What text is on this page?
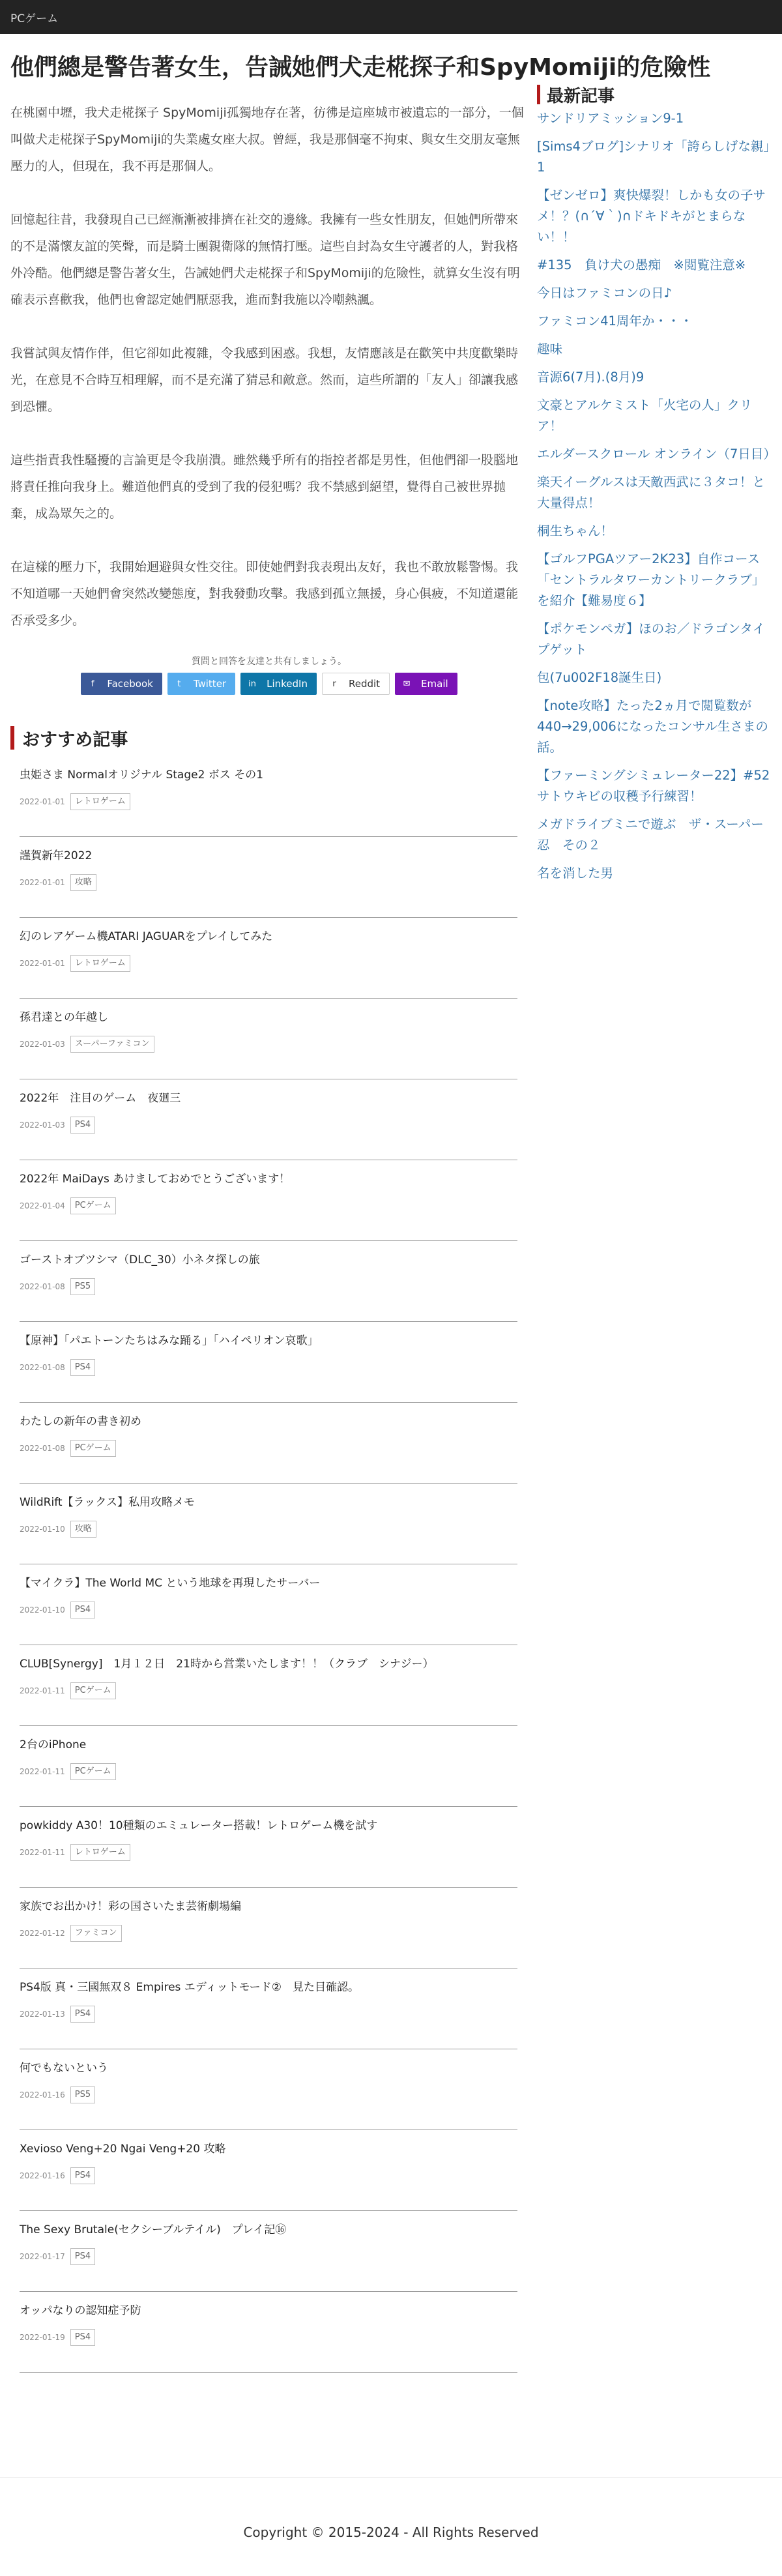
PCゲーム
他們總是警告著女生，告誡她們犬走椛探子和SpyMomiji的危險性

在桃園中壢，我犬走椛探子 SpyMomiji孤獨地存在著，彷彿是這座城市被遺忘的一部分，一個叫做犬走椛探子SpyMomiji的失業處女座大叔。曾經，我是那個毫不拘束、與女生交朋友毫無壓力的人，但現在，我不再是那個人。

回憶起往昔，我發現自己已經漸漸被排擠在社交的邊緣。我擁有一些女性朋友，但她們所帶來的不是滿懷友誼的笑聲，而是騎士團親衛隊的無情打壓。這些自封為女生守護者的人，對我格外冷酷。他們總是警告著女生，告誡她們犬走椛探子和SpyMomiji的危險性，就算女生沒有明確表示喜歡我，他們也會認定她們厭惡我，進而對我施以冷嘲熱諷。

我嘗試與友情作伴，但它卻如此複雜，令我感到困惑。我想，友情應該是在歡笑中共度歡樂時光，在意見不合時互相理解，而不是充滿了猜忌和敵意。然而，這些所謂的「友人」卻讓我感到恐懼。

這些指責我性騷擾的言論更是令我崩潰。雖然幾乎所有的指控者都是男性，但他們卻一股腦地將責任推向我身上。難道他們真的受到了我的侵犯嗎？我不禁感到絕望，覺得自己被世界拋棄，成為眾矢之的。

在這樣的壓力下，我開始迴避與女性交往。即使她們對我表現出友好，我也不敢放鬆警惕。我不知道哪一天她們會突然改變態度，對我發動攻擊。我感到孤立無援，身心俱疲，不知道還能否承受多少。

質問と回答を友達と共有しましょう。
f Facebook	t Twitter	in LinkedIn	r Reddit	✉ Email
おすすめ記事
虫姫さま Normalオリジナル Stage2 ボス その1
2022-01-01	レトロゲーム
謹賀新年2022
2022-01-01	攻略
幻のレアゲーム機ATARI JAGUARをプレイしてみた
2022-01-01	レトロゲーム
孫君達との年越し
2022-01-03	スーパーファミコン
2022年　注目のゲーム　夜廻三
2022-01-03	PS4
2022年 MaiDays あけましておめでとうございます！
2022-01-04	PCゲーム
ゴーストオブツシマ（DLC_30）小ネタ探しの旅
2022-01-08	PS5
【原神】「パエトーンたちはみな踊る」「ハイペリオン哀歌」
2022-01-08	PS4
わたしの新年の書き初め
2022-01-08	PCゲーム
WildRift【ラックス】私用攻略メモ
2022-01-10	攻略
【マイクラ】The World MC という地球を再現したサーバー
2022-01-10	PS4
CLUB[Synergy]　1月１２日　21時から営業いたします！！（クラブ　シナジー）
2022-01-11	PCゲーム
2台のiPhone
2022-01-11	PCゲーム
powkiddy A30！10種類のエミュレーター搭載！レトロゲーム機を試す
2022-01-11	レトロゲーム
家族でお出かけ！彩の国さいたま芸術劇場編
2022-01-12	ファミコン
PS4版 真・三國無双８ Empires エディットモード②　見た目確認。
2022-01-13	PS4
何でもないという
2022-01-16	PS5
Xevioso Veng+20 Ngai Veng+20 攻略
2022-01-16	PS4
The Sexy Brutale(セクシーブルテイル)　プレイ記⑯
2022-01-17	PS4
オッパなりの認知症予防
2022-01-19	PS4
最新記事
サンドリアミッション9-1
[Sims4ブログ]シナリオ「誇らしげな親」1
【ゼンゼロ】爽快爆裂！しかも女の子サメ！？(∩´∀｀)∩ドキドキがとまらない！！
#135　負け犬の愚痴　※閲覧注意※
今日はファミコンの日♪
ファミコン41周年か・・・
趣味
音源6(7月).(8月)9
文豪とアルケミスト「火宅の人」クリア！
エルダースクロール オンライン（7日目）
楽天イーグルスは天敵西武に３タコ！と大量得点！
桐生ちゃん！
【ゴルフPGAツアー2K23】自作コース「セントラルタワーカントリークラブ」を紹介【難易度６】
【ポケモンペガ】ほのお／ドラゴンタイプゲット
包(7u002F18誕生日)
【note攻略】たった2ヵ月で閲覧数が440→29,006になったコンサル生さまの話。
【ファーミングシミュレーター22】#52 サトウキビの収穫予行練習！
メガドライブミニで遊ぶ　ザ・スーパー忍　その２
名を消した男
Copyright © 2015-2024 - All Rights Reserved
